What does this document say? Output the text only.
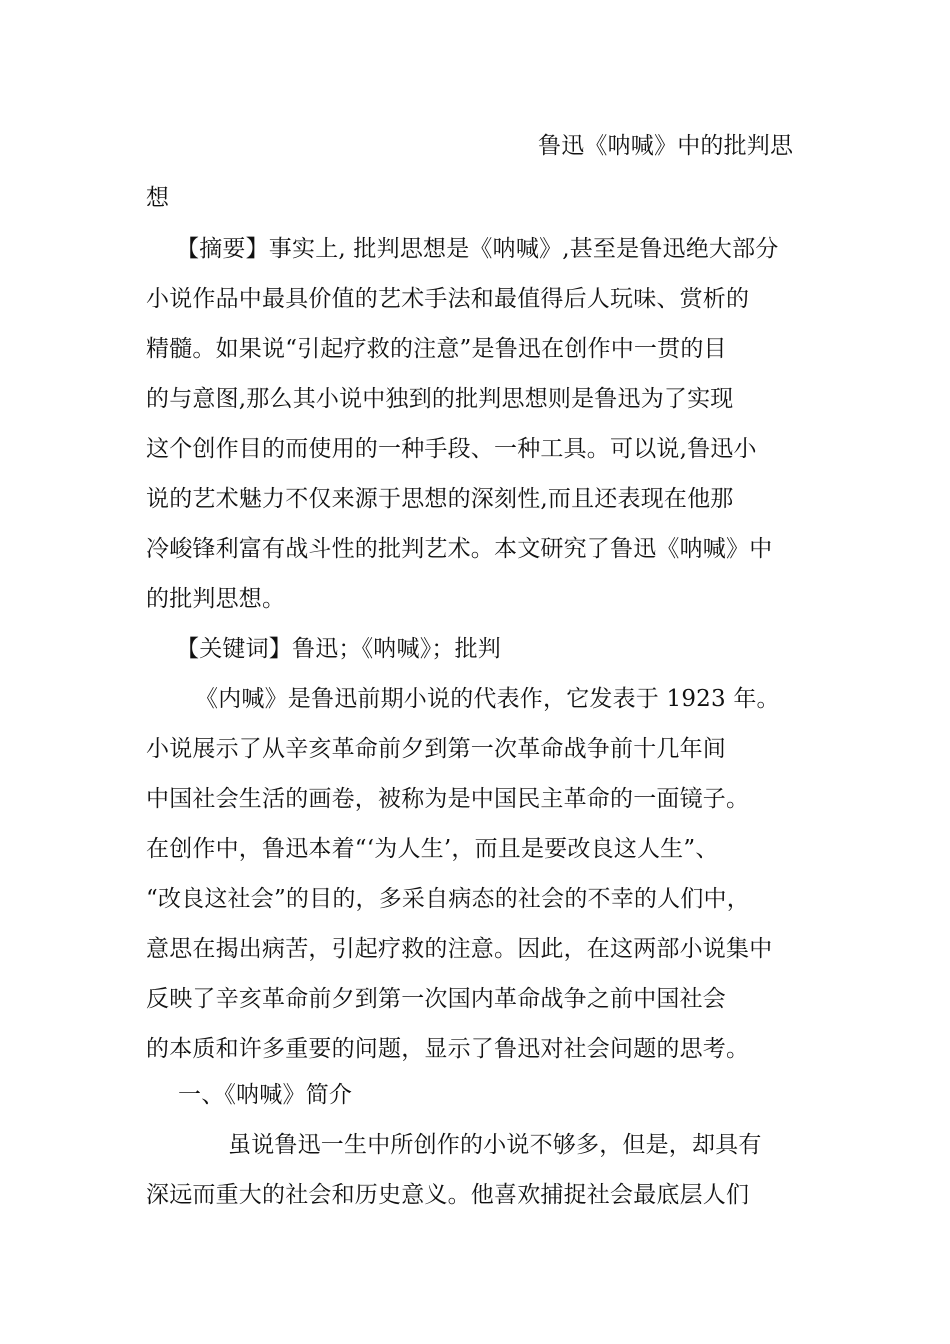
鲁迅《呐喊》中的批判思
想
【摘要】事实上, 批判思想是《呐喊》,甚至是鲁迅绝大部分
小说作品中最具价值的艺术手法和最值得后人玩味、赏析的
精髓。如果说“引起疗救的注意”是鲁迅在创作中一贯的目
的与意图,那么其小说中独到的批判思想则是鲁迅为了实现
这个创作目的而使用的一种手段、一种工具。可以说,鲁迅小
说的艺术魅力不仅来源于思想的深刻性,而且还表现在他那
冷峻锋利富有战斗性的批判艺术。本文研究了鲁迅《呐喊》中
的批判思想。
【关键词】鲁迅；《呐喊》；批判
《内喊》是鲁迅前期小说的代表作，它发表于 1923 年。
小说展示了从辛亥革命前夕到第一次革命战争前十几年间
中国社会生活的画卷，被称为是中国民主革命的一面镜子。
在创作中，鲁迅本着“‘为人生’，而且是要改良这人生”、
“改良这社会”的目的，多采自病态的社会的不幸的人们中，
意思在揭出病苦，引起疗救的注意。因此，在这两部小说集中
反映了辛亥革命前夕到第一次国内革命战争之前中国社会
的本质和许多重要的问题，显示了鲁迅对社会问题的思考。
一、《呐喊》简介
虽说鲁迅一生中所创作的小说不够多，但是，却具有
深远而重大的社会和历史意义。他喜欢捕捉社会最底层人们
